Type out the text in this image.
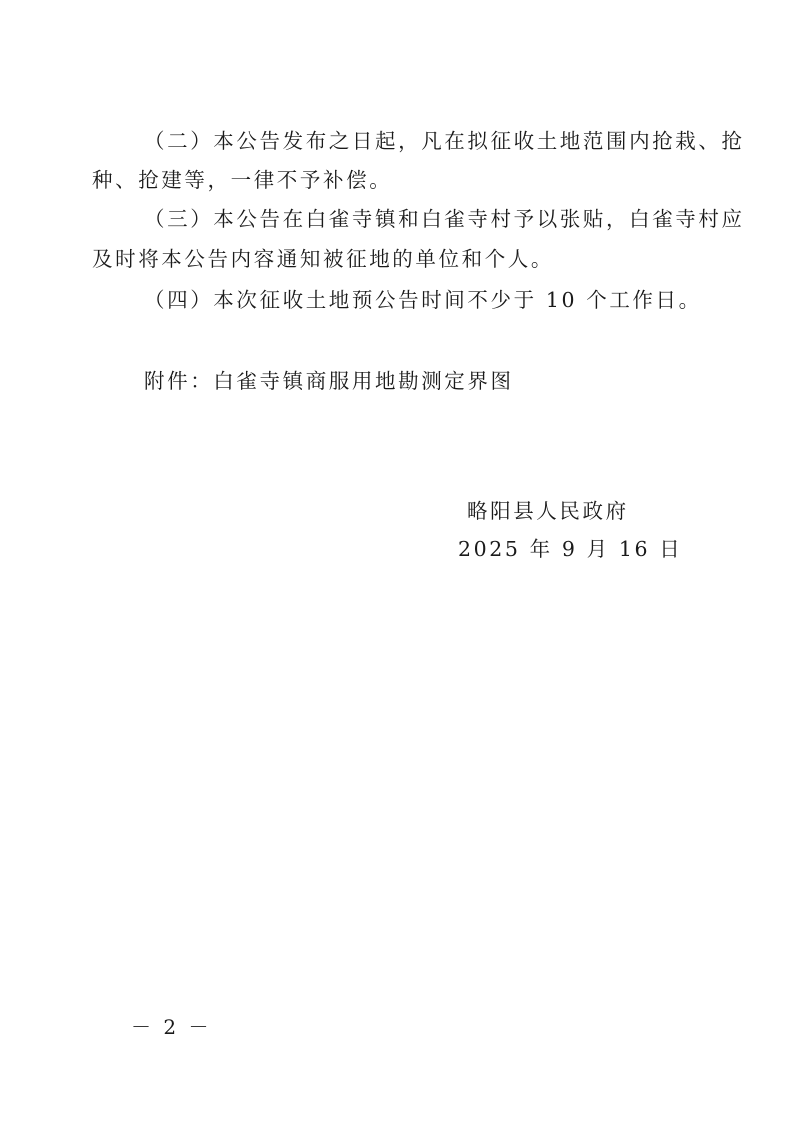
（二）本公告发布之日起，凡在拟征收土地范围内抢栽、抢
种、抢建等，一律不予补偿。
（三）本公告在白雀寺镇和白雀寺村予以张贴，白雀寺村应
及时将本公告内容通知被征地的单位和个人。
（四）本次征收土地预公告时间不少于 10 个工作日。
附件：白雀寺镇商服用地勘测定界图
略阳县人民政府
2025 年 9 月 16 日
－ 2 －
